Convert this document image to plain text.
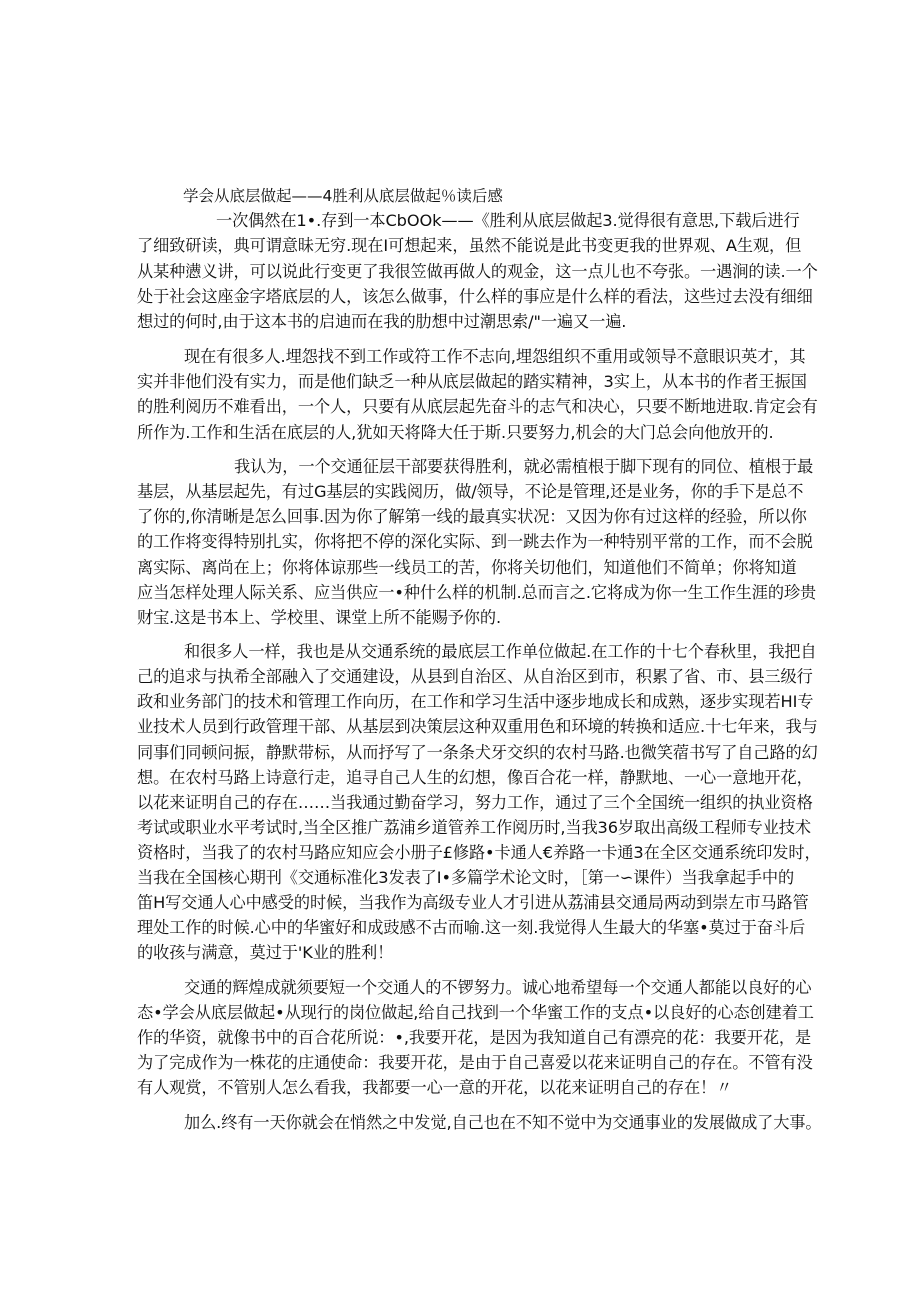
学会从底层做起——4胜利从底层做起％读后感

一次偶然在1•.存到一本CbOOk——《胜利从底层做起3.觉得很有意思,下载后进行

了细致研读，典可谓意昧无穷.现在I可想起来，虽然不能说是此书变更我的世界观、A生观，但

从某种懑义讲，可以说此行变更了我很笠做再做人的观金，这一点儿也不夸张。一遇涧的读.一个

处于社会这座金字塔底层的人，该怎么做事，什么样的事应是什么样的看法，这些过去没有细细

想过的何时,由于这本书的启迪而在我的肋想中过潮思索/"一遍又一遍.

现在有很多人.埋怨找不到工作或符工作不志向,埋怨组织不重用或领导不意眼识英才，其

实并非他们没有实力，而是他们缺乏一种从底层做起的踏实精神，3实上，从本书的作者王振国

的胜利阅历不难看出，一个人，只要有从底层起先奋斗的志气和决心，只要不断地进取.肯定会有

所作为.工作和生活在底层的人,犹如天将降大任于斯.只要努力,机会的大门总会向他放开的.

我认为，一个交通征层干部要获得胜利，就必需植根于脚下现有的同位、植根于最

基层，从基层起先，有过G基层的实践阅历，做/领导，不论是管理,还是业务，你的手下是总不

了你的,你清晰是怎么回事.因为你了解第一线的最真实状况：又因为你有过这样的经验，所以你

的工作将变得特别扎实，你将把不停的深化实际、到一跳去作为一种特别平常的工作，而不会脱

离实际、离尚在上；你将体谅那些一线员工的苦，你将关切他们，知道他们不简单；你将知道

应当怎样处理人际关系、应当供应一•种什么样的机制.总而言之.它将成为你一生工作生涯的珍贵

财宝.这是书本上、学校里、课堂上所不能赐予你的.

和很多人一样，我也是从交通系统的最底层工作单位做起.在工作的十七个春秋里，我把自

己的追求与执希全部融入了交通建设，从县到自治区、从自治区到市，积累了省、市、县三级行

政和业务部门的技术和管理工作向历，在工作和学习生活中逐步地成长和成熟，逐步实现若HI专

业技术人员到行政管理干部、从基层到决策层这种双重用色和环境的转换和适应.十七年来，我与

同事们同顿问振，静默带标，从而抒写了一条条犬牙交织的农村马路.也微笑蓿书写了自己路的幻

想。在农村马路上诗意行走，追寻自己人生的幻想，像百合花一样，静默地、一心一意地开花，

以花来证明自己的存在……当我通过勤奋学习，努力工作，通过了三个全国统一组织的执业资格

考试或职业水平考试时,当全区推广荔浦乡道管养工作阅历时,当我36岁取出高级工程师专业技术

资格时，当我了的农村马路应知应会小册子£修路•卡通人€养路一卡通3在全区交通系统印发时，

当我在全国核心期刊《交通标准化3发表了I•多篇学术论文时，［第一∽课件）当我拿起手中的

笛H写交通人心中感受的时候，当我作为高级专业人才引进从荔浦县交通局两动到崇左市马路管

理处工作的时候.心中的华蜜好和成豉感不古而喻.这一刻.我觉得人生最大的华塞•莫过于奋斗后

的收孩与满意，莫过于'K业的胜利！

交通的辉煌成就须要短一个交通人的不锣努力。诚心地希望每一个交通人都能以良好的心

态•学会从底层做起•从现行的岗位做起,给自己找到一个华蜜工作的支点•以良好的心态创建着工

作的华资，就像书中的百合花所说：•,我要开花，是因为我知道自己有漂亮的花：我要开花，是

为了完成作为一株花的庄通使命：我要开花，是由于自己喜爱以花来证明自己的存在。不管有没

有人观赏，不管别人怎么看我，我都要一心一意的开花，以花来证明自己的存在！〃

加么.终有一天你就会在悄然之中发觉,自己也在不知不觉中为交通事业的发展做成了大事。
